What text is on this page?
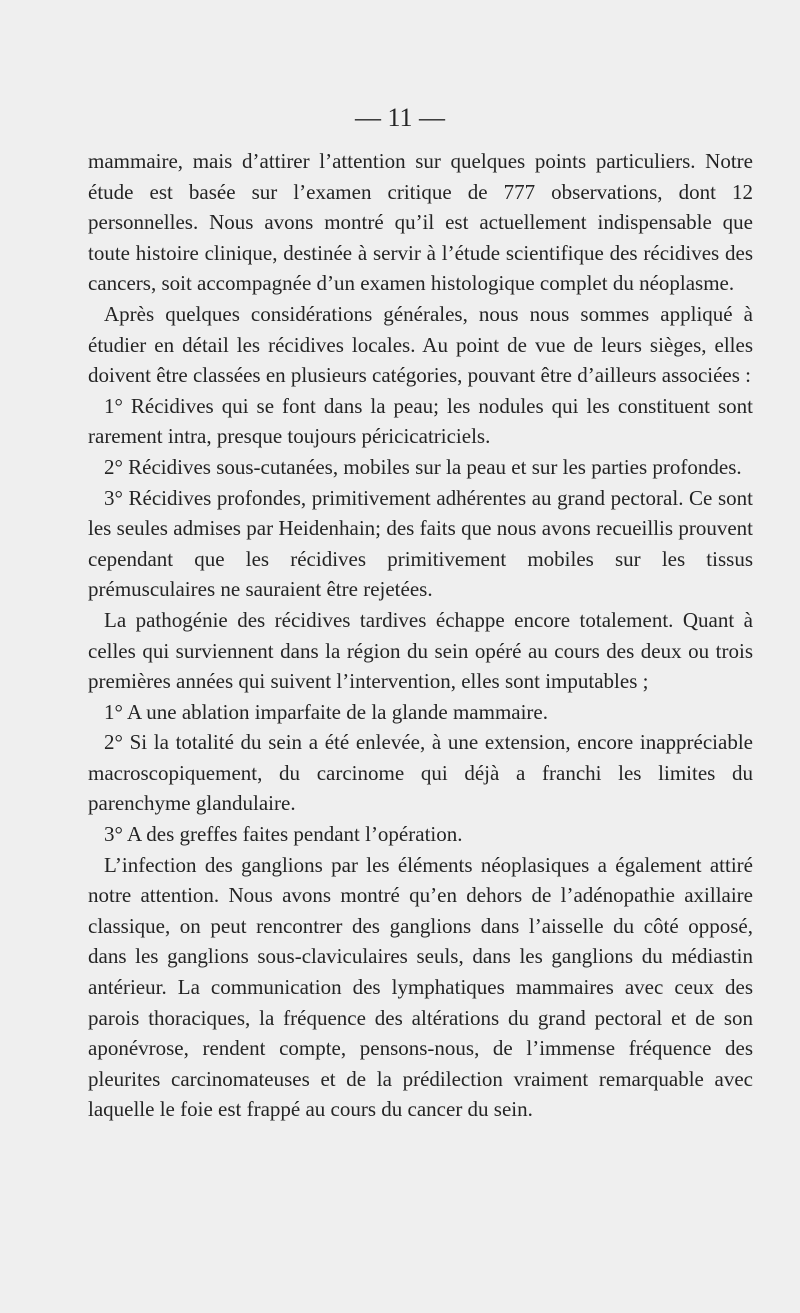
— 11 —

mammaire, mais d’attirer l’attention sur quelques points particuliers. Notre étude est basée sur l’examen critique de 777 observations, dont 12 personnelles. Nous avons montré qu’il est actuellement indispensable que toute histoire clinique, destinée à servir à l’étude scientifique des récidives des cancers, soit accompagnée d’un examen histologique complet du néoplasme.

Après quelques considérations générales, nous nous sommes appliqué à étudier en détail les récidives locales. Au point de vue de leurs sièges, elles doivent être classées en plusieurs catégories, pouvant être d’ailleurs associées :

1° Récidives qui se font dans la peau; les nodules qui les constituent sont rarement intra, presque toujours péricicatriciels.

2° Récidives sous-cutanées, mobiles sur la peau et sur les parties profondes.

3° Récidives profondes, primitivement adhérentes au grand pectoral. Ce sont les seules admises par Heidenhain; des faits que nous avons recueillis prouvent cependant que les récidives primitivement mobiles sur les tissus prémusculaires ne sauraient être rejetées.

La pathogénie des récidives tardives échappe encore totalement. Quant à celles qui surviennent dans la région du sein opéré au cours des deux ou trois premières années qui suivent l’intervention, elles sont imputables ;

1° A une ablation imparfaite de la glande mammaire.

2° Si la totalité du sein a été enlevée, à une extension, encore inappréciable macroscopiquement, du carcinome qui déjà a franchi les limites du parenchyme glandulaire.

3° A des greffes faites pendant l’opération.

L’infection des ganglions par les éléments néoplasiques a également attiré notre attention. Nous avons montré qu’en dehors de l’adénopathie axillaire classique, on peut rencontrer des ganglions dans l’aisselle du côté opposé, dans les ganglions sous-claviculaires seuls, dans les ganglions du médiastin antérieur. La communication des lymphatiques mammaires avec ceux des parois thoraciques, la fréquence des altérations du grand pectoral et de son aponévrose, rendent compte, pensons-nous, de l’immense fréquence des pleurites carcinomateuses et de la prédilection vraiment remarquable avec laquelle le foie est frappé au cours du cancer du sein.
